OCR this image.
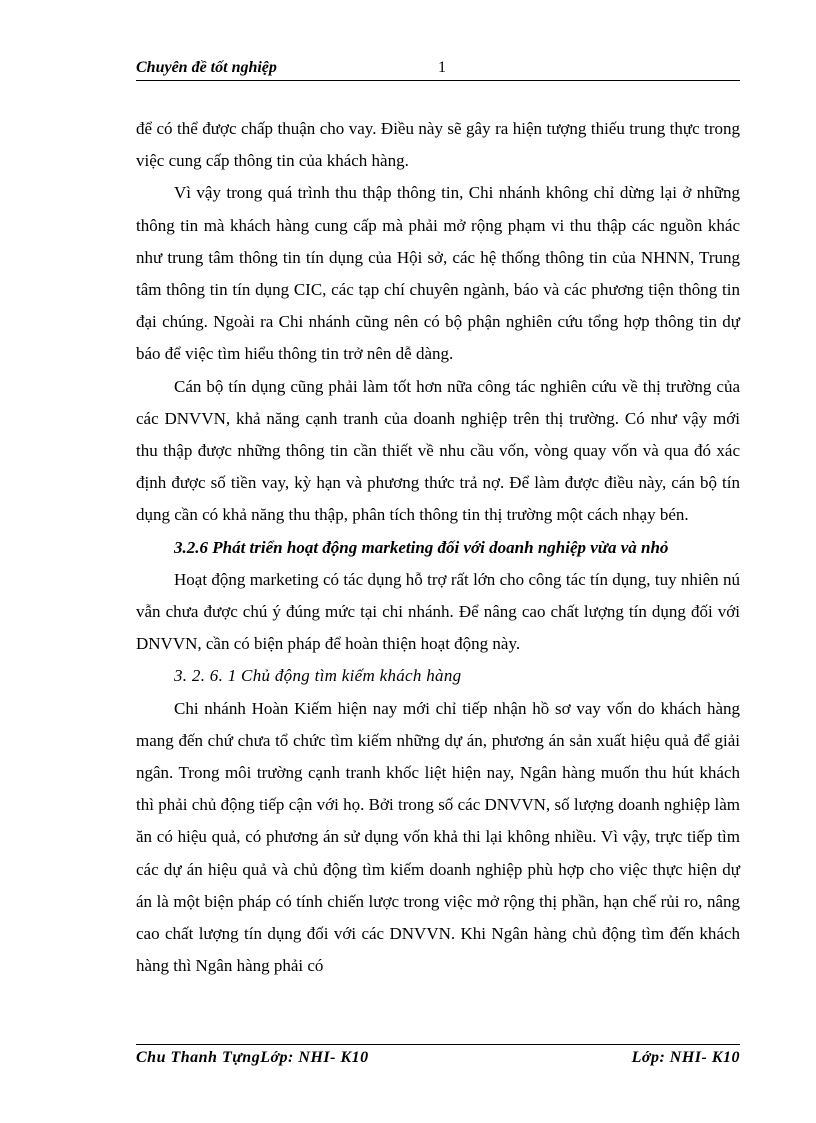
Chuyên đề tốt nghiệp	1

để có thể được chấp thuận cho vay. Điều này sẽ gây ra hiện tượng thiếu trung thực trong việc cung cấp thông tin của khách hàng.

Vì vậy trong quá trình thu thập thông tin, Chi nhánh không chỉ dừng lại ở những thông tin mà khách hàng cung cấp mà phải mở rộng phạm vi thu thập các nguồn khác như trung tâm thông tin tín dụng của Hội sở, các hệ thống thông tin của NHNN, Trung tâm thông tin tín dụng CIC, các tạp chí chuyên ngành, báo và các phương tiện thông tin đại chúng. Ngoài ra Chi nhánh cũng nên có bộ phận nghiên cứu tổng hợp thông tin dự báo để việc tìm hiểu thông tin trở nên dễ dàng.

Cán bộ tín dụng cũng phải làm tốt hơn nữa công tác nghiên cứu về thị trường của các DNVVN, khả năng cạnh tranh của doanh nghiệp trên thị trường. Có như vậy mới thu thập được những thông tin cần thiết về nhu cầu vốn, vòng quay vốn và qua đó xác định được số tiền vay, kỳ hạn và phương thức trả nợ. Để làm được điều này, cán bộ tín dụng cần có khả năng thu thập, phân tích thông tin thị trường một cách nhạy bén.

3.2.6 Phát triển hoạt động marketing đối với doanh nghiệp vừa và nhỏ

Hoạt động marketing có tác dụng hỗ trợ rất lớn cho công tác tín dụng, tuy nhiên nú vẫn chưa được chú ý đúng mức tại chi nhánh. Để nâng cao chất lượng tín dụng đối với DNVVN, cần có biện pháp để hoàn thiện hoạt động này.

3. 2. 6. 1 Chủ động tìm kiếm khách hàng

Chi nhánh Hoàn Kiếm hiện nay mới chỉ tiếp nhận hồ sơ vay vốn do khách hàng mang đến chứ chưa tổ chức tìm kiếm những dự án, phương án sản xuất hiệu quả để giải ngân. Trong môi trường cạnh tranh khốc liệt hiện nay, Ngân hàng muốn thu hút khách thì phải chủ động tiếp cận với họ. Bởi trong số các DNVVN, số lượng doanh nghiệp làm ăn có hiệu quả, có phương án sử dụng vốn khả thi lại không nhiều. Vì vậy, trực tiếp tìm các dự án hiệu quả và chủ động tìm kiếm doanh nghiệp phù hợp cho việc thực hiện dự án là một biện pháp có tính chiến lược trong việc mở rộng thị phần, hạn chế rủi ro, nâng cao chất lượng tín dụng đối với các DNVVN. Khi Ngân hàng chủ động tìm đến khách hàng thì Ngân hàng phải có

Chu Thanh TựngLớp: NHI- K10	Lớp: NHI- K10
